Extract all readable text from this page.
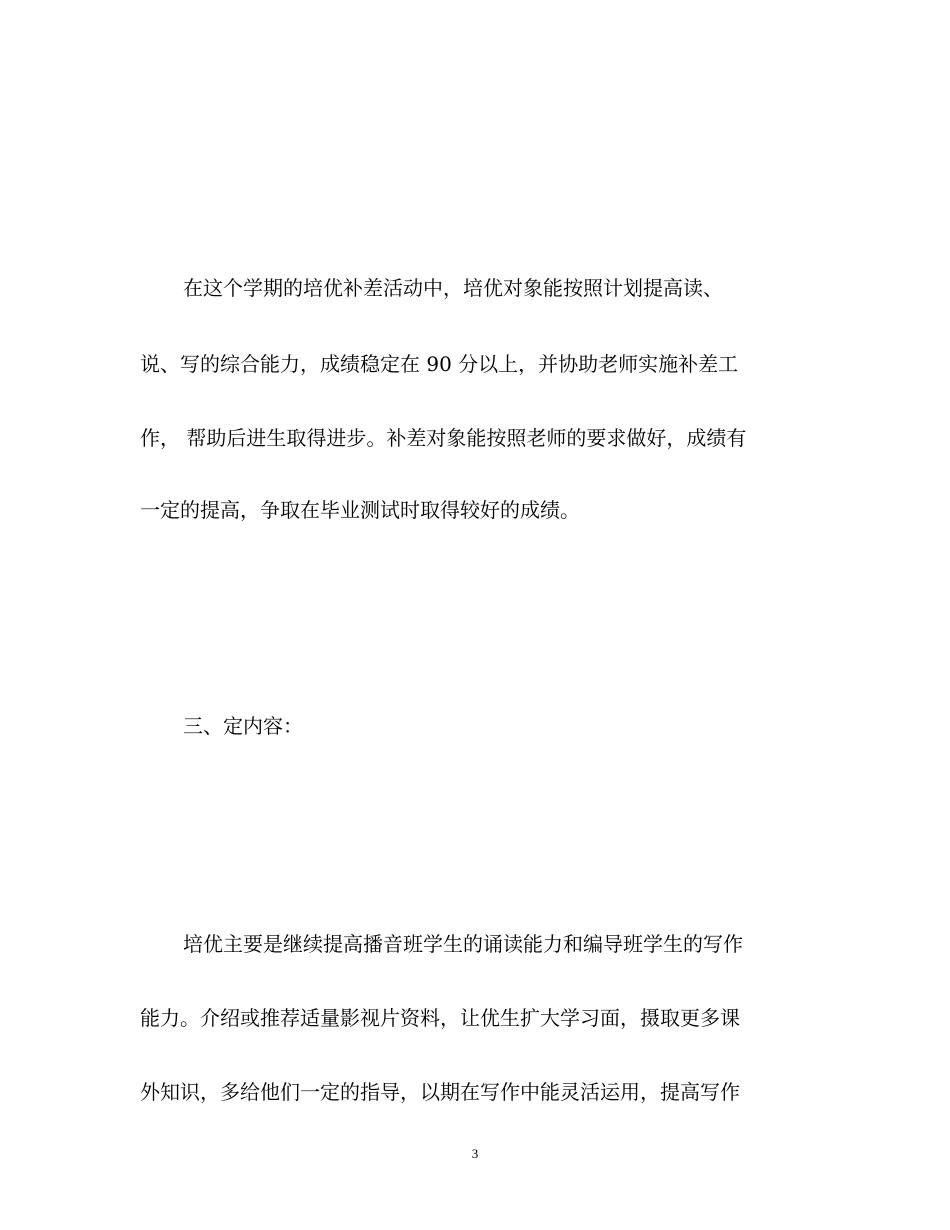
在这个学期的培优补差活动中，培优对象能按照计划提高读、

说、写的综合能力，成绩稳定在 90 分以上，并协助老师实施补差工

作， 帮助后进生取得进步。补差对象能按照老师的要求做好，成绩有

一定的提高，争取在毕业测试时取得较好的成绩。

三、定内容：

培优主要是继续提高播音班学生的诵读能力和编导班学生的写作

能力。介绍或推荐适量影视片资料，让优生扩大学习面，摄取更多课

外知识，多给他们一定的指导，以期在写作中能灵活运用，提高写作

3
